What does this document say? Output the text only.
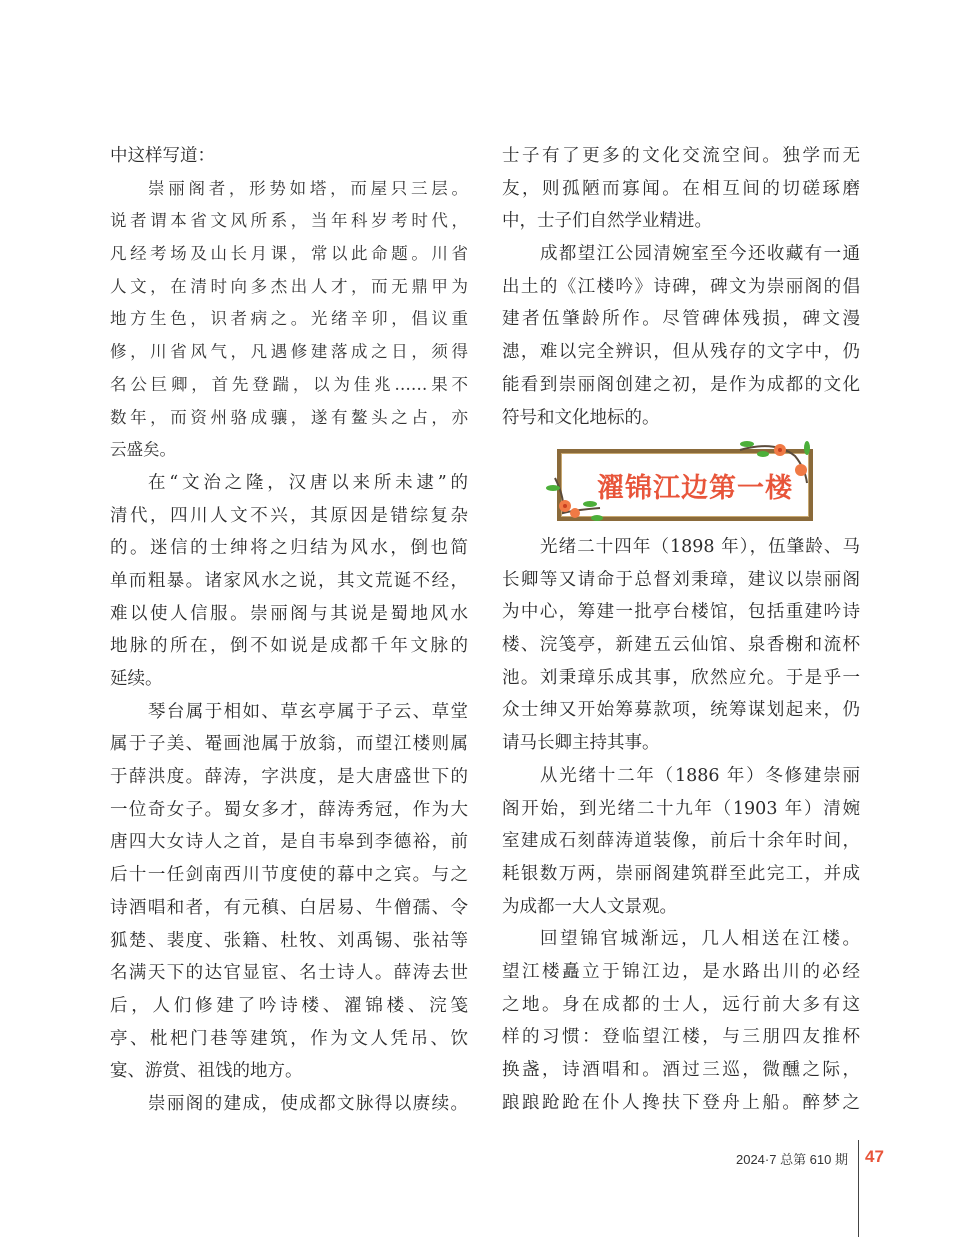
中这样写道：
崇丽阁者，形势如塔，而屋只三层。
说者谓本省文风所系，当年科岁考时代，
凡经考场及山长月课，常以此命题。川省
人文，在清时向多杰出人才，而无鼎甲为
地方生色，识者病之。光绪辛卯，倡议重
修，川省风气，凡遇修建落成之日，须得
名公巨卿，首先登踹，以为佳兆……果不
数年，而资州骆成骧，遂有鳌头之占，亦
云盛矣。
在“文治之隆，汉唐以来所未逮”的
清代，四川人文不兴，其原因是错综复杂
的。迷信的士绅将之归结为风水，倒也简
单而粗暴。诸家风水之说，其文荒诞不经，
难以使人信服。崇丽阁与其说是蜀地风水
地脉的所在，倒不如说是成都千年文脉的
延续。
琴台属于相如、草玄亭属于子云、草堂
属于子美、罨画池属于放翁，而望江楼则属
于薛洪度。薛涛，字洪度，是大唐盛世下的
一位奇女子。蜀女多才，薛涛秀冠，作为大
唐四大女诗人之首，是自韦皋到李德裕，前
后十一任剑南西川节度使的幕中之宾。与之
诗酒唱和者，有元稹、白居易、牛僧孺、令
狐楚、裴度、张籍、杜牧、刘禹锡、张祜等
名满天下的达官显宦、名士诗人。薛涛去世
后，人们修建了吟诗楼、濯锦楼、浣笺
亭、枇杷门巷等建筑，作为文人凭吊、饮
宴、游赏、祖饯的地方。
崇丽阁的建成，使成都文脉得以赓续。
士子有了更多的文化交流空间。独学而无
友，则孤陋而寡闻。在相互间的切磋琢磨
中，士子们自然学业精进。
成都望江公园清婉室至今还收藏有一通
出土的《江楼吟》诗碑，碑文为崇丽阁的倡
建者伍肇龄所作。尽管碑体残损，碑文漫
漶，难以完全辨识，但从残存的文字中，仍
能看到崇丽阁创建之初，是作为成都的文化
符号和文化地标的。
濯锦江边第一楼
光绪二十四年（1898 年），伍肇龄、马
长卿等又请命于总督刘秉璋，建议以崇丽阁
为中心，筹建一批亭台楼馆，包括重建吟诗
楼、浣笺亭，新建五云仙馆、泉香榭和流杯
池。刘秉璋乐成其事，欣然应允。于是乎一
众士绅又开始筹募款项，统筹谋划起来，仍
请马长卿主持其事。
从光绪十二年（1886 年）冬修建崇丽
阁开始，到光绪二十九年（1903 年）清婉
室建成石刻薛涛道装像，前后十余年时间，
耗银数万两，崇丽阁建筑群至此完工，并成
为成都一大人文景观。
回望锦官城渐远，几人相送在江楼。
望江楼矗立于锦江边，是水路出川的必经
之地。身在成都的士人，远行前大多有这
样的习惯：登临望江楼，与三朋四友推杯
换盏，诗酒唱和。酒过三巡，微醺之际，
踉踉跄跄在仆人搀扶下登舟上船。醉梦之
2024·7 总第 610 期 47
